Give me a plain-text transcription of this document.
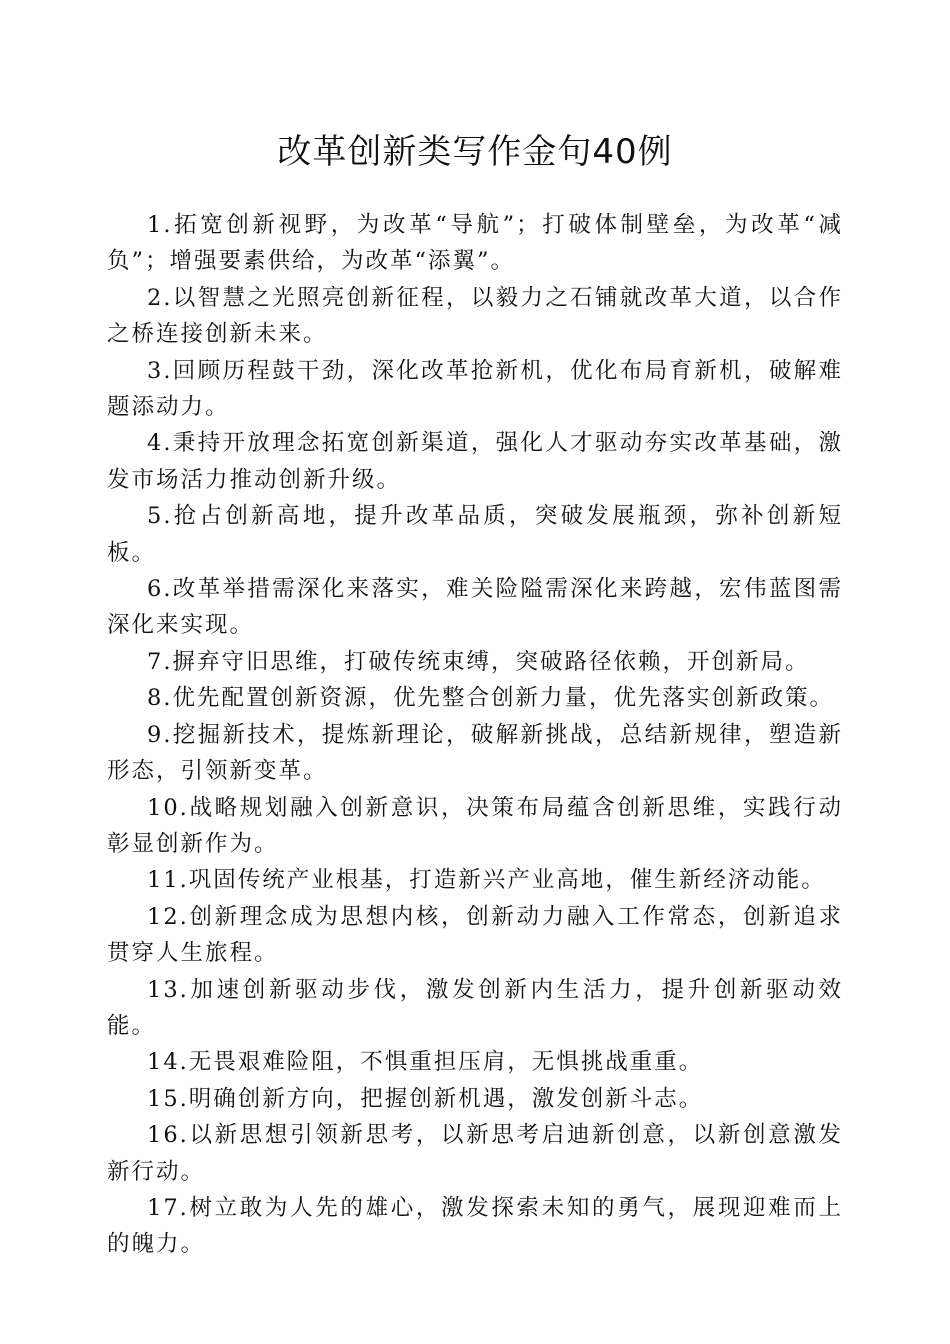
改革创新类写作金句40例

1.拓宽创新视野，为改革“导航”；打破体制壁垒，为改革“减负”；增强要素供给，为改革“添翼”。

2.以智慧之光照亮创新征程，以毅力之石铺就改革大道，以合作之桥连接创新未来。

3.回顾历程鼓干劲，深化改革抢新机，优化布局育新机，破解难题添动力。

4.秉持开放理念拓宽创新渠道，强化人才驱动夯实改革基础，激发市场活力推动创新升级。

5.抢占创新高地，提升改革品质，突破发展瓶颈，弥补创新短板。

6.改革举措需深化来落实，难关险隘需深化来跨越，宏伟蓝图需深化来实现。

7.摒弃守旧思维，打破传统束缚，突破路径依赖，开创新局。

8.优先配置创新资源，优先整合创新力量，优先落实创新政策。

9.挖掘新技术，提炼新理论，破解新挑战，总结新规律，塑造新形态，引领新变革。

10.战略规划融入创新意识，决策布局蕴含创新思维，实践行动彰显创新作为。

11.巩固传统产业根基，打造新兴产业高地，催生新经济动能。

12.创新理念成为思想内核，创新动力融入工作常态，创新追求贯穿人生旅程。

13.加速创新驱动步伐，激发创新内生活力，提升创新驱动效能。

14.无畏艰难险阻，不惧重担压肩，无惧挑战重重。

15.明确创新方向，把握创新机遇，激发创新斗志。

16.以新思想引领新思考，以新思考启迪新创意，以新创意激发新行动。

17.树立敢为人先的雄心，激发探索未知的勇气，展现迎难而上的魄力。
